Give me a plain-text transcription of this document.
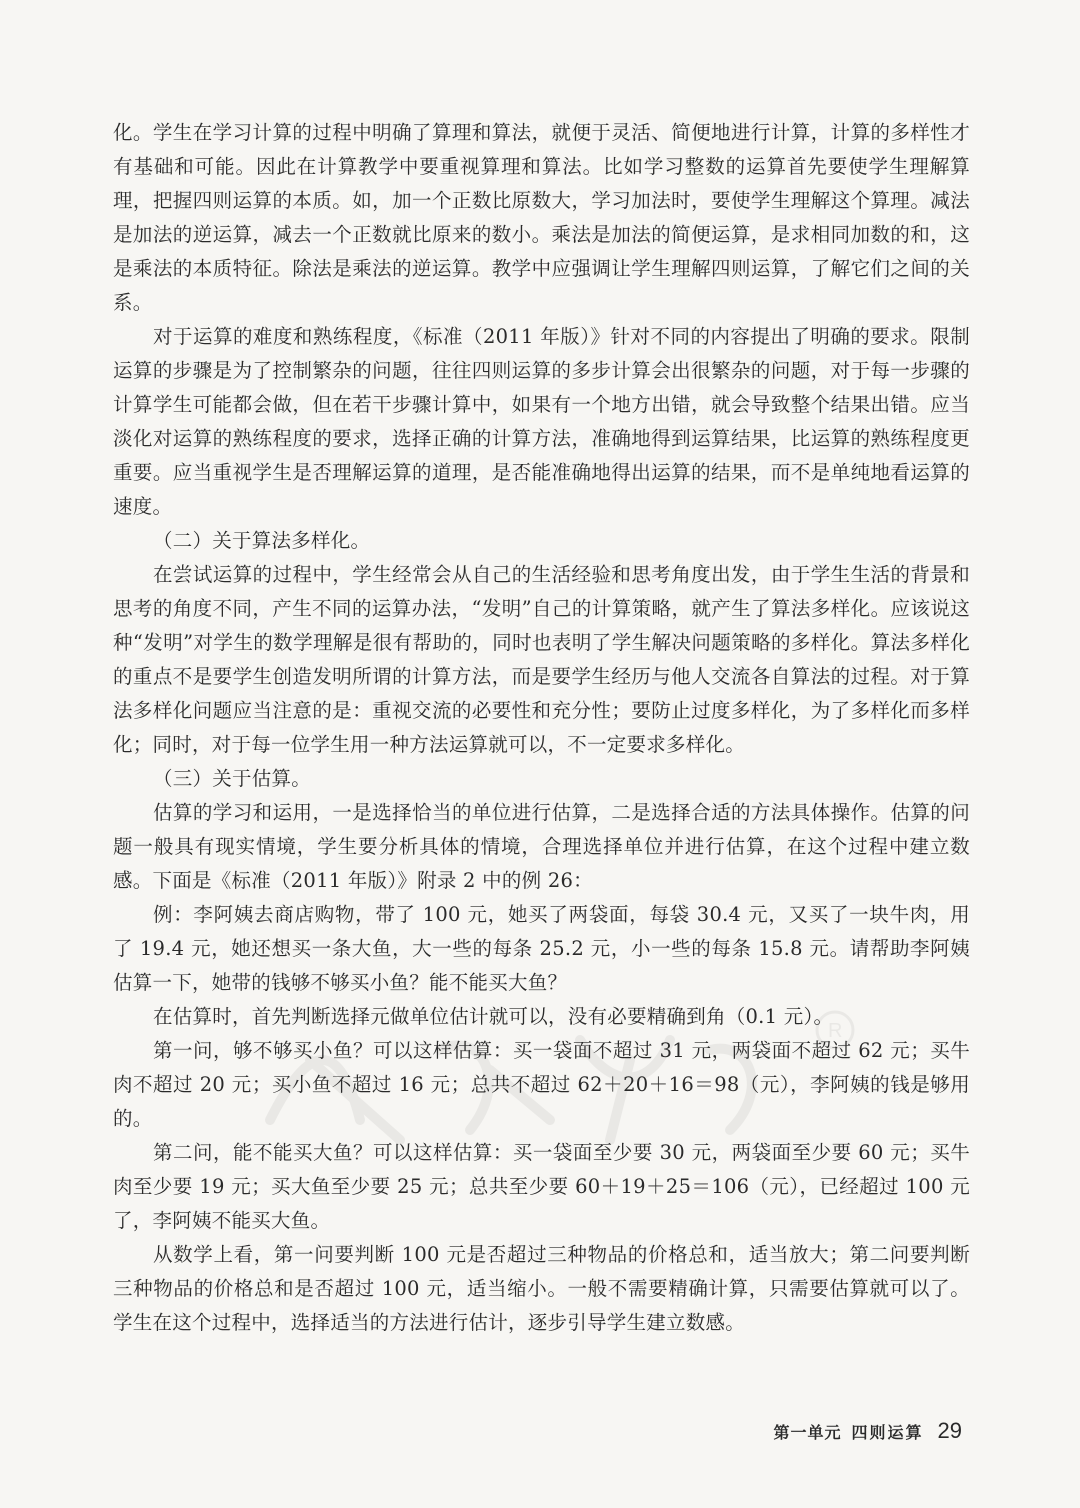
R

化。学生在学习计算的过程中明确了算理和算法，就便于灵活、简便地进行计算，计算的多样性才有基础和可能。因此在计算教学中要重视算理和算法。比如学习整数的运算首先要使学生理解算理，把握四则运算的本质。如，加一个正数比原数大，学习加法时，要使学生理解这个算理。减法是加法的逆运算，减去一个正数就比原来的数小。乘法是加法的简便运算，是求相同加数的和，这是乘法的本质特征。除法是乘法的逆运算。教学中应强调让学生理解四则运算，了解它们之间的关系。

对于运算的难度和熟练程度，《标准（2011 年版）》针对不同的内容提出了明确的要求。限制运算的步骤是为了控制繁杂的问题，往往四则运算的多步计算会出很繁杂的问题，对于每一步骤的计算学生可能都会做，但在若干步骤计算中，如果有一个地方出错，就会导致整个结果出错。应当淡化对运算的熟练程度的要求，选择正确的计算方法，准确地得到运算结果，比运算的熟练程度更重要。应当重视学生是否理解运算的道理，是否能准确地得出运算的结果，而不是单纯地看运算的速度。

（二）关于算法多样化。

在尝试运算的过程中，学生经常会从自己的生活经验和思考角度出发，由于学生生活的背景和思考的角度不同，产生不同的运算办法，“发明”自己的计算策略，就产生了算法多样化。应该说这种“发明”对学生的数学理解是很有帮助的，同时也表明了学生解决问题策略的多样化。算法多样化的重点不是要学生创造发明所谓的计算方法，而是要学生经历与他人交流各自算法的过程。对于算法多样化问题应当注意的是：重视交流的必要性和充分性；要防止过度多样化，为了多样化而多样化；同时，对于每一位学生用一种方法运算就可以，不一定要求多样化。

（三）关于估算。

估算的学习和运用，一是选择恰当的单位进行估算，二是选择合适的方法具体操作。估算的问题一般具有现实情境，学生要分析具体的情境，合理选择单位并进行估算，在这个过程中建立数感。下面是《标准（2011 年版）》附录 2 中的例 26：

例：李阿姨去商店购物，带了 100 元，她买了两袋面，每袋 30.4 元，又买了一块牛肉，用了 19.4 元，她还想买一条大鱼，大一些的每条 25.2 元，小一些的每条 15.8 元。请帮助李阿姨估算一下，她带的钱够不够买小鱼？能不能买大鱼？

在估算时，首先判断选择元做单位估计就可以，没有必要精确到角（0.1 元）。

第一问，够不够买小鱼？可以这样估算：买一袋面不超过 31 元，两袋面不超过 62 元；买牛肉不超过 20 元；买小鱼不超过 16 元；总共不超过 62＋20＋16＝98（元），李阿姨的钱是够用的。

第二问，能不能买大鱼？可以这样估算：买一袋面至少要 30 元，两袋面至少要 60 元；买牛肉至少要 19 元；买大鱼至少要 25 元；总共至少要 60＋19＋25＝106（元），已经超过 100 元了，李阿姨不能买大鱼。

从数学上看，第一问要判断 100 元是否超过三种物品的价格总和，适当放大；第二问要判断三种物品的价格总和是否超过 100 元，适当缩小。一般不需要精确计算，只需要估算就可以了。学生在这个过程中，选择适当的方法进行估计，逐步引导学生建立数感。

第一单元 四则运算 29
